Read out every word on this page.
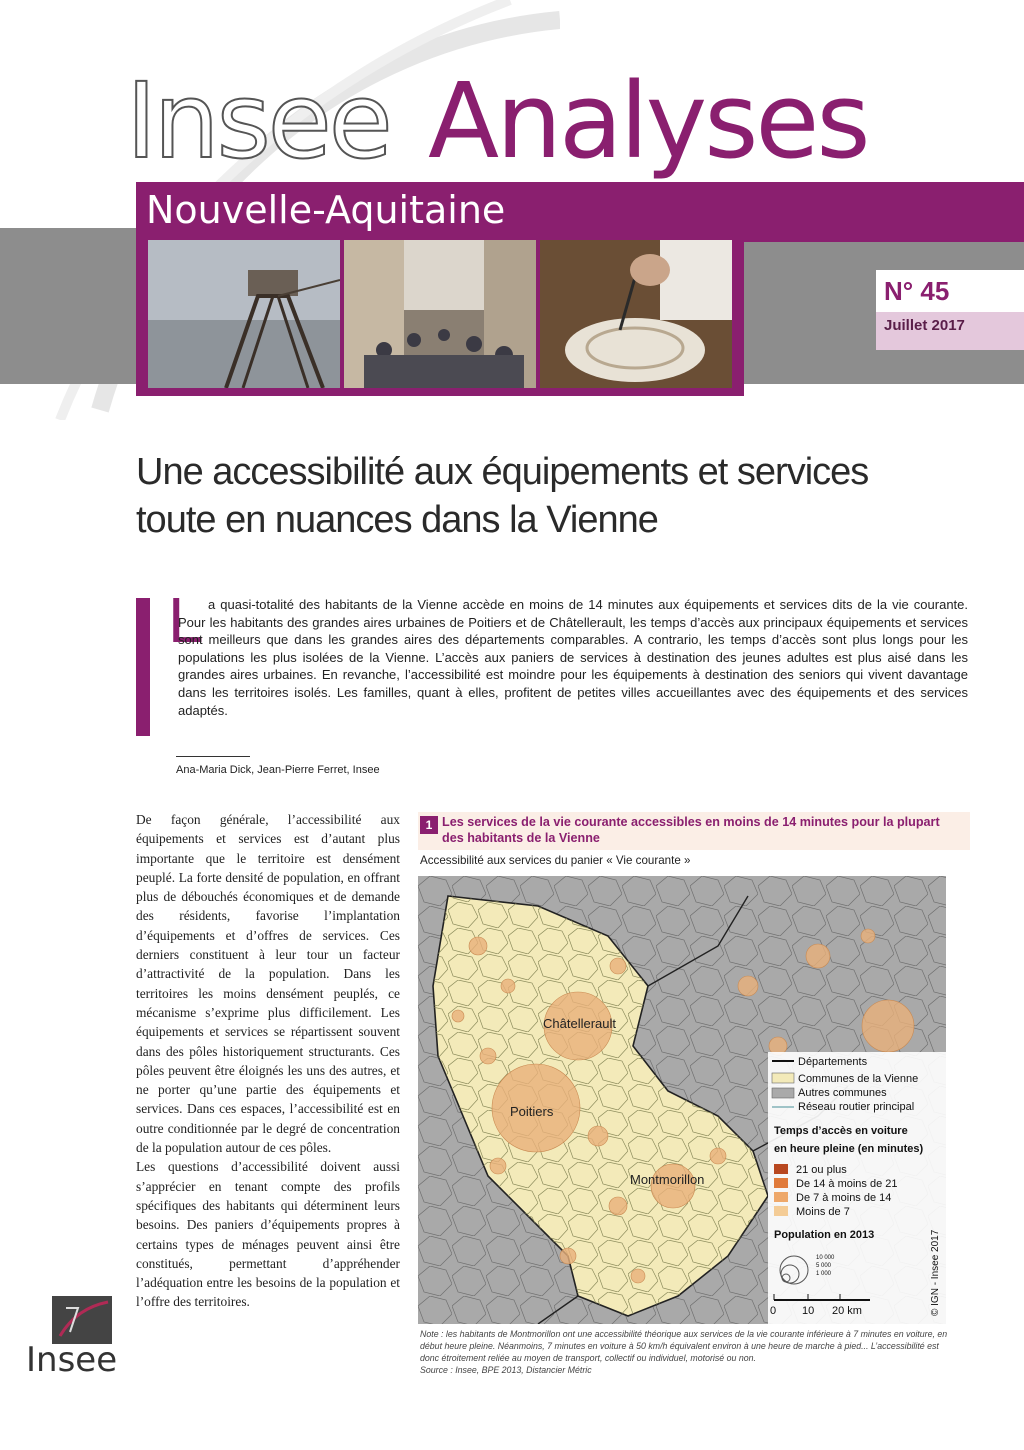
Nouvelle-Aquitaine
Insee Analyses
N° 45
Juillet 2017
Une accessibilité aux équipements et services
toute en nuances dans la Vienne
L a quasi-totalité des habitants de la Vienne accède en moins de 14 minutes aux équipements et services dits de la vie courante. Pour les habitants des grandes aires urbaines de Poitiers et de Châtellerault, les temps d’accès aux principaux équipements et services sont meilleurs que dans les grandes aires des départements comparables. A contrario, les temps d’accès sont plus longs pour les populations les plus isolées de la Vienne. L’accès aux paniers de services à destination des jeunes adultes est plus aisé dans les grandes aires urbaines. En revanche, l’accessibilité est moindre pour les équipements à destination des seniors qui vivent davantage dans les territoires isolés. Les familles, quant à elles, profitent de petites villes accueillantes avec des équipements et des services adaptés.
Ana-Maria Dick, Jean-Pierre Ferret, Insee

De façon générale, l’accessibilité aux équipements et services est d’autant plus importante que le territoire est densément peuplé. La forte densité de population, en offrant plus de débouchés économiques et de demande des résidents, favorise l’implantation d’équipements et d’offres de services. Ces derniers constituent à leur tour un facteur d’attractivité de la population. Dans les territoires les moins densément peuplés, ce mécanisme s’exprime plus difficilement. Les équipements et services se répartissent souvent dans des pôles historiquement structurants. Ces pôles peuvent être éloignés les uns des autres, et ne porter qu’une partie des équipements et services. Dans ces espaces, l’accessibilité est en outre conditionnée par le degré de concentration de la population autour de ces pôles.

Les questions d’accessibilité doivent aussi s’apprécier en tenant compte des profils spécifiques des habitants qui déterminent leurs besoins. Des paniers d’équipements propres à certains types de ménages peuvent ainsi être constitués, permettant d’appréhender l’adéquation entre les besoins de la population et l’offre des territoires.

1 Les services de la vie courante accessibles en moins de 14 minutes pour la plupart des habitants de la Vienne
Accessibilité aux services du panier « Vie courante »
Châtellerault
Poitiers
Montmorillon
Départements
Communes de la Vienne
Autres communes
Réseau routier principal
Temps d’accès en voiture
en heure pleine (en minutes)
21 ou plus
De 14 à moins de 21
De 7 à moins de 14
Moins de 7
Population en 2013
10 000
5 000
1 000
0 10 20 km	© IGN - Insee 2017
Note : les habitants de Montmorillon ont une accessibilité théorique aux services de la vie courante inférieure à 7 minutes en voiture, en début heure pleine. Néanmoins, 7 minutes en voiture à 50 km/h équivalent environ à une heure de marche à pied... L’accessibilité est donc étroitement reliée au moyen de transport, collectif ou individuel, motorisé ou non.
Source : Insee, BPE 2013, Distancier Métric
Insee
